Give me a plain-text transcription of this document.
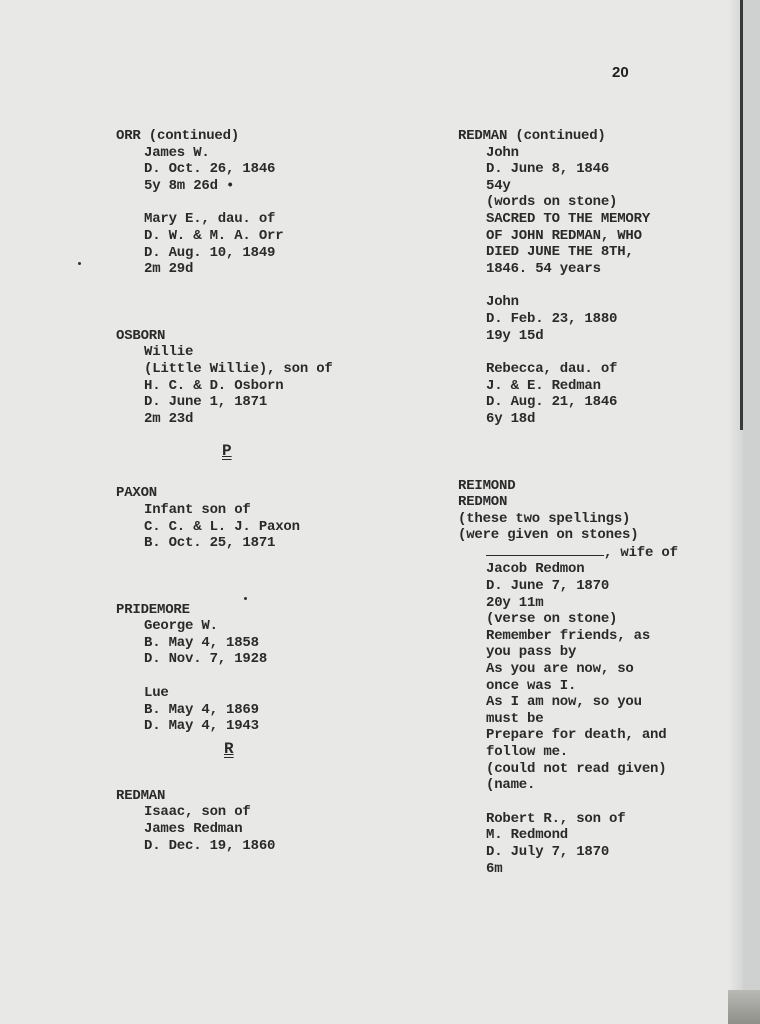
20

ORR (continued)

James W.

D. Oct. 26, 1846

5y 8m 26d •

Mary E., dau. of

D. W. & M. A. Orr

D. Aug. 10, 1849

2m 29d

OSBORN

Willie

(Little Willie), son of

H. C. & D. Osborn

D. June 1, 1871

2m 23d

PAXON

Infant son of

C. C. & L. J. Paxon

B. Oct. 25, 1871

PRIDEMORE

George W.

B. May 4, 1858

D. Nov. 7, 1928

Lue

B. May 4, 1869

D. May 4, 1943

REDMAN

Isaac, son of

James Redman

D. Dec. 19, 1860

P
R

REDMAN (continued)

John

D. June 8, 1846

54y

(words on stone)

SACRED TO THE MEMORY

OF JOHN REDMAN, WHO

DIED JUNE THE 8TH,

1846. 54 years

John

D. Feb. 23, 1880

19y 15d

Rebecca, dau. of

J. & E. Redman

D. Aug. 21, 1846

6y 18d

REIMOND

REDMON

(these two spellings)

(were given on stones)

, wife of

Jacob Redmon

D. June 7, 1870

20y 11m

(verse on stone)

Remember friends, as

you pass by

As you are now, so

once was I.

As I am now, so you

must be

Prepare for death, and

follow me.

(could not read given)

(name.

Robert R., son of

M. Redmond

D. July 7, 1870

6m
